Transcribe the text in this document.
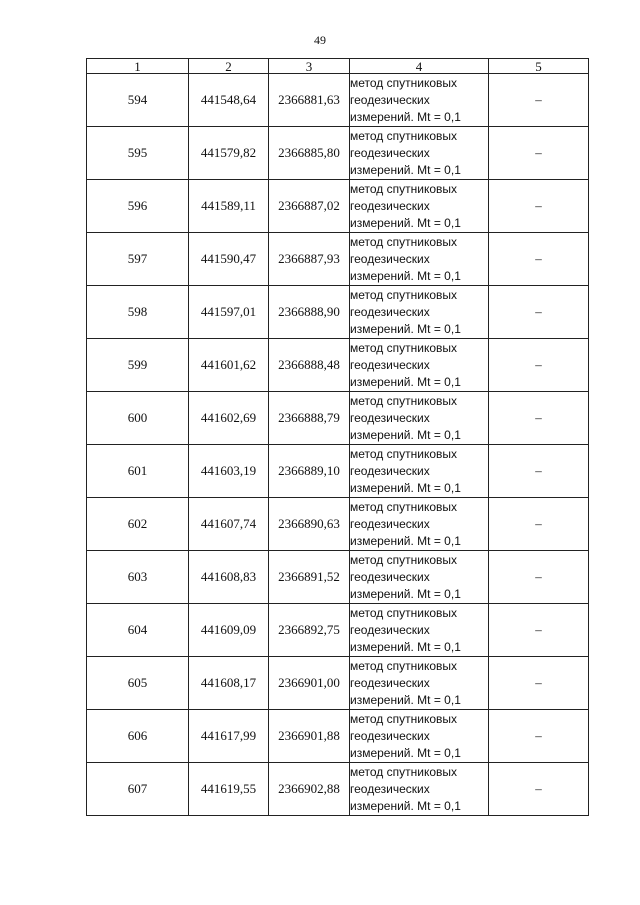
49
1	2	3	4	5
594	441548,64	2366881,63	метод спутниковых
геодезических
измерений. Mt = 0,1	–
595	441579,82	2366885,80	метод спутниковых
геодезических
измерений. Mt = 0,1	–
596	441589,11	2366887,02	метод спутниковых
геодезических
измерений. Mt = 0,1	–
597	441590,47	2366887,93	метод спутниковых
геодезических
измерений. Mt = 0,1	–
598	441597,01	2366888,90	метод спутниковых
геодезических
измерений. Mt = 0,1	–
599	441601,62	2366888,48	метод спутниковых
геодезических
измерений. Mt = 0,1	–
600	441602,69	2366888,79	метод спутниковых
геодезических
измерений. Mt = 0,1	–
601	441603,19	2366889,10	метод спутниковых
геодезических
измерений. Mt = 0,1	–
602	441607,74	2366890,63	метод спутниковых
геодезических
измерений. Mt = 0,1	–
603	441608,83	2366891,52	метод спутниковых
геодезических
измерений. Mt = 0,1	–
604	441609,09	2366892,75	метод спутниковых
геодезических
измерений. Mt = 0,1	–
605	441608,17	2366901,00	метод спутниковых
геодезических
измерений. Mt = 0,1	–
606	441617,99	2366901,88	метод спутниковых
геодезических
измерений. Mt = 0,1	–
607	441619,55	2366902,88	метод спутниковых
геодезических
измерений. Mt = 0,1	–
